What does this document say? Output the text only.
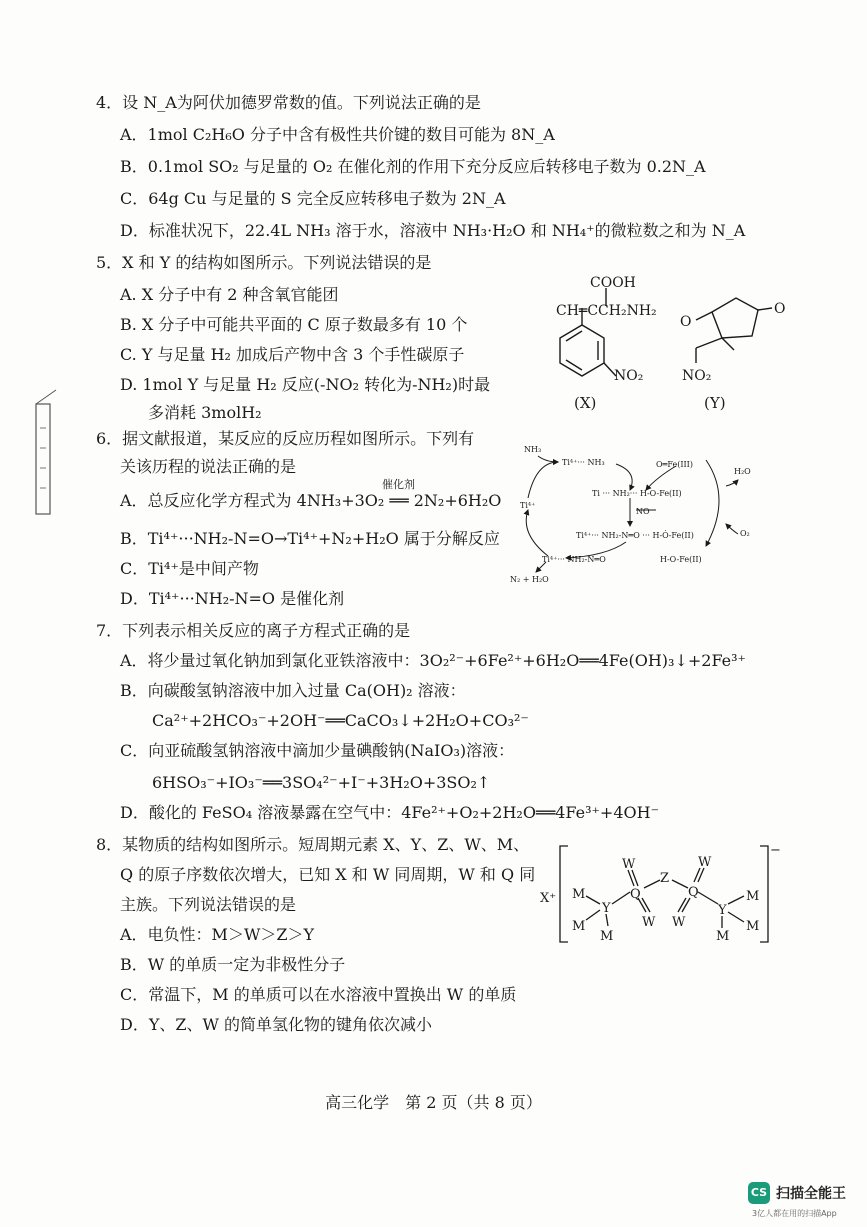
4．设 N_A为阿伏加德罗常数的值。下列说法正确的是
A．1mol C₂H₆O 分子中含有极性共价键的数目可能为 8N_A
B．0.1mol SO₂ 与足量的 O₂ 在催化剂的作用下充分反应后转移电子数为 0.2N_A
C．64g Cu 与足量的 S 完全反应转移电子数为 2N_A
D．标准状况下，22.4L NH₃ 溶于水，溶液中 NH₃·H₂O 和 NH₄⁺的微粒数之和为 N_A
5．X 和 Y 的结构如图所示。下列说法错误的是
A. X 分子中有 2 种含氧官能团
B. X 分子中可能共平面的 C 原子数最多有 10 个
C. Y 与足量 H₂ 加成后产物中含 3 个手性碳原子
D. 1mol Y 与足量 H₂ 反应(-NO₂ 转化为-NH₂)时最
多消耗 3molH₂
COOH
CH═CCH₂NH₂
NO₂
(X)
O
O
NO₂
(Y)
6．据文献报道，某反应的反应历程如图所示。下列有
关该历程的说法正确的是
A．总反应化学方程式为 4NH₃+3O₂ ══ 2N₂+6H₂O
催化剂
B．Ti⁴⁺···NH₂-N=O→Ti⁴⁺+N₂+H₂O 属于分解反应
C．Ti⁴⁺是中间产物
D．Ti⁴⁺···NH₂-N=O 是催化剂
NH₃
Ti⁴⁺··· NH₃	O═Fe(III)
H₂O
Ti ··· NH₂··· H-O-Fe(II)
Ti⁴⁺
NO
Ti⁴⁺··· NH₂-N═O ··· H-Ȯ-Fe(II)	O₂
Ti⁴⁺··· NH₂-N═O	H-O-Fe(II)
N₂ + H₂O
7．下列表示相关反应的离子方程式正确的是
A．将少量过氧化钠加到氯化亚铁溶液中：3O₂²⁻+6Fe²⁺+6H₂O══4Fe(OH)₃↓+2Fe³⁺
B．向碳酸氢钠溶液中加入过量 Ca(OH)₂ 溶液：
Ca²⁺+2HCO₃⁻+2OH⁻══CaCO₃↓+2H₂O+CO₃²⁻
C．向亚硫酸氢钠溶液中滴加少量碘酸钠(NaIO₃)溶液：
6HSO₃⁻+IO₃⁻══3SO₄²⁻+I⁻+3H₂O+3SO₂↑
D．酸化的 FeSO₄ 溶液暴露在空气中：4Fe²⁺+O₂+2H₂O══4Fe³⁺+4OH⁻
8．某物质的结构如图所示。短周期元素 X、Y、Z、W、M、
Q 的原子序数依次增大，已知 X 和 W 同周期，W 和 Q 同
主族。下列说法错误的是
A．电负性：M＞W＞Z＞Y
B．W 的单质一定为非极性分子
C．常温下，M 的单质可以在水溶液中置换出 W 的单质
D．Y、Z、W 的简单氢化物的键角依次减小
X⁺
−
W	W
Q
Z
Q
Y	Y
W W
M
M
M
M
M
M
高三化学　第 2 页（共 8 页）
CS 扫描全能王
3亿人都在用的扫描App
